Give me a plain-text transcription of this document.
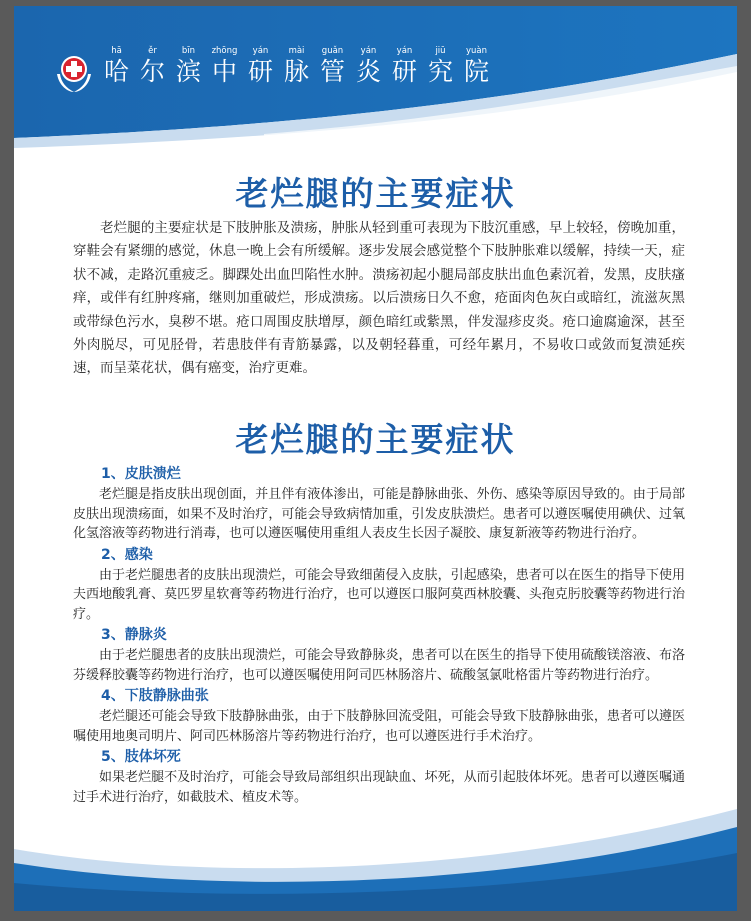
hā
哈
ěr
尔
bīn
滨
zhōng
中
yán
研
mài
脉
guǎn
管
yán
炎
yán
研
jiū
究
yuàn
院
老烂腿的主要症状

老烂腿的主要症状是下肢肿胀及溃疡，肿胀从轻到重可表现为下肢沉重感，早上较轻，傍晚加重，穿鞋会有紧绷的感觉，休息一晚上会有所缓解。逐步发展会感觉整个下肢肿胀难以缓解，持续一天，症状不减，走路沉重疲乏。脚踝处出血凹陷性水肿。溃疡初起小腿局部皮肤出血色素沉着，发黑，皮肤瘙痒，或伴有红肿疼痛，继则加重破烂，形成溃疡。以后溃疡日久不愈，疮面肉色灰白或暗红，流滋灰黑或带绿色污水，臭秽不堪。疮口周围皮肤增厚，颜色暗红或紫黑，伴发湿疹皮炎。疮口逾腐逾深，甚至外肉脱尽，可见胫骨，若患肢伴有青筋暴露，以及朝轻暮重，可经年累月，不易收口或敛而复溃延疾速，而呈菜花状，偶有癌变，治疗更难。

老烂腿的主要症状

1、皮肤溃烂

老烂腿是指皮肤出现创面，并且伴有液体渗出，可能是静脉曲张、外伤、感染等原因导致的。由于局部皮肤出现溃疡面，如果不及时治疗，可能会导致病情加重，引发皮肤溃烂。患者可以遵医嘱使用碘伏、过氧化氢溶液等药物进行消毒，也可以遵医嘱使用重组人表皮生长因子凝胶、康复新液等药物进行治疗。

2、感染

由于老烂腿患者的皮肤出现溃烂，可能会导致细菌侵入皮肤，引起感染，患者可以在医生的指导下使用夫西地酸乳膏、莫匹罗星软膏等药物进行治疗，也可以遵医口服阿莫西林胶囊、头孢克肟胶囊等药物进行治疗。

3、静脉炎

由于老烂腿患者的皮肤出现溃烂，可能会导致静脉炎，患者可以在医生的指导下使用硫酸镁溶液、布洛芬缓释胶囊等药物进行治疗，也可以遵医嘱使用阿司匹林肠溶片、硫酸氢氯吡格雷片等药物进行治疗。

4、下肢静脉曲张

老烂腿还可能会导致下肢静脉曲张，由于下肢静脉回流受阻，可能会导致下肢静脉曲张，患者可以遵医嘱使用地奥司明片、阿司匹林肠溶片等药物进行治疗，也可以遵医进行手术治疗。

5、肢体坏死

如果老烂腿不及时治疗，可能会导致局部组织出现缺血、坏死，从而引起肢体坏死。患者可以遵医嘱通过手术进行治疗，如截肢术、植皮术等。
